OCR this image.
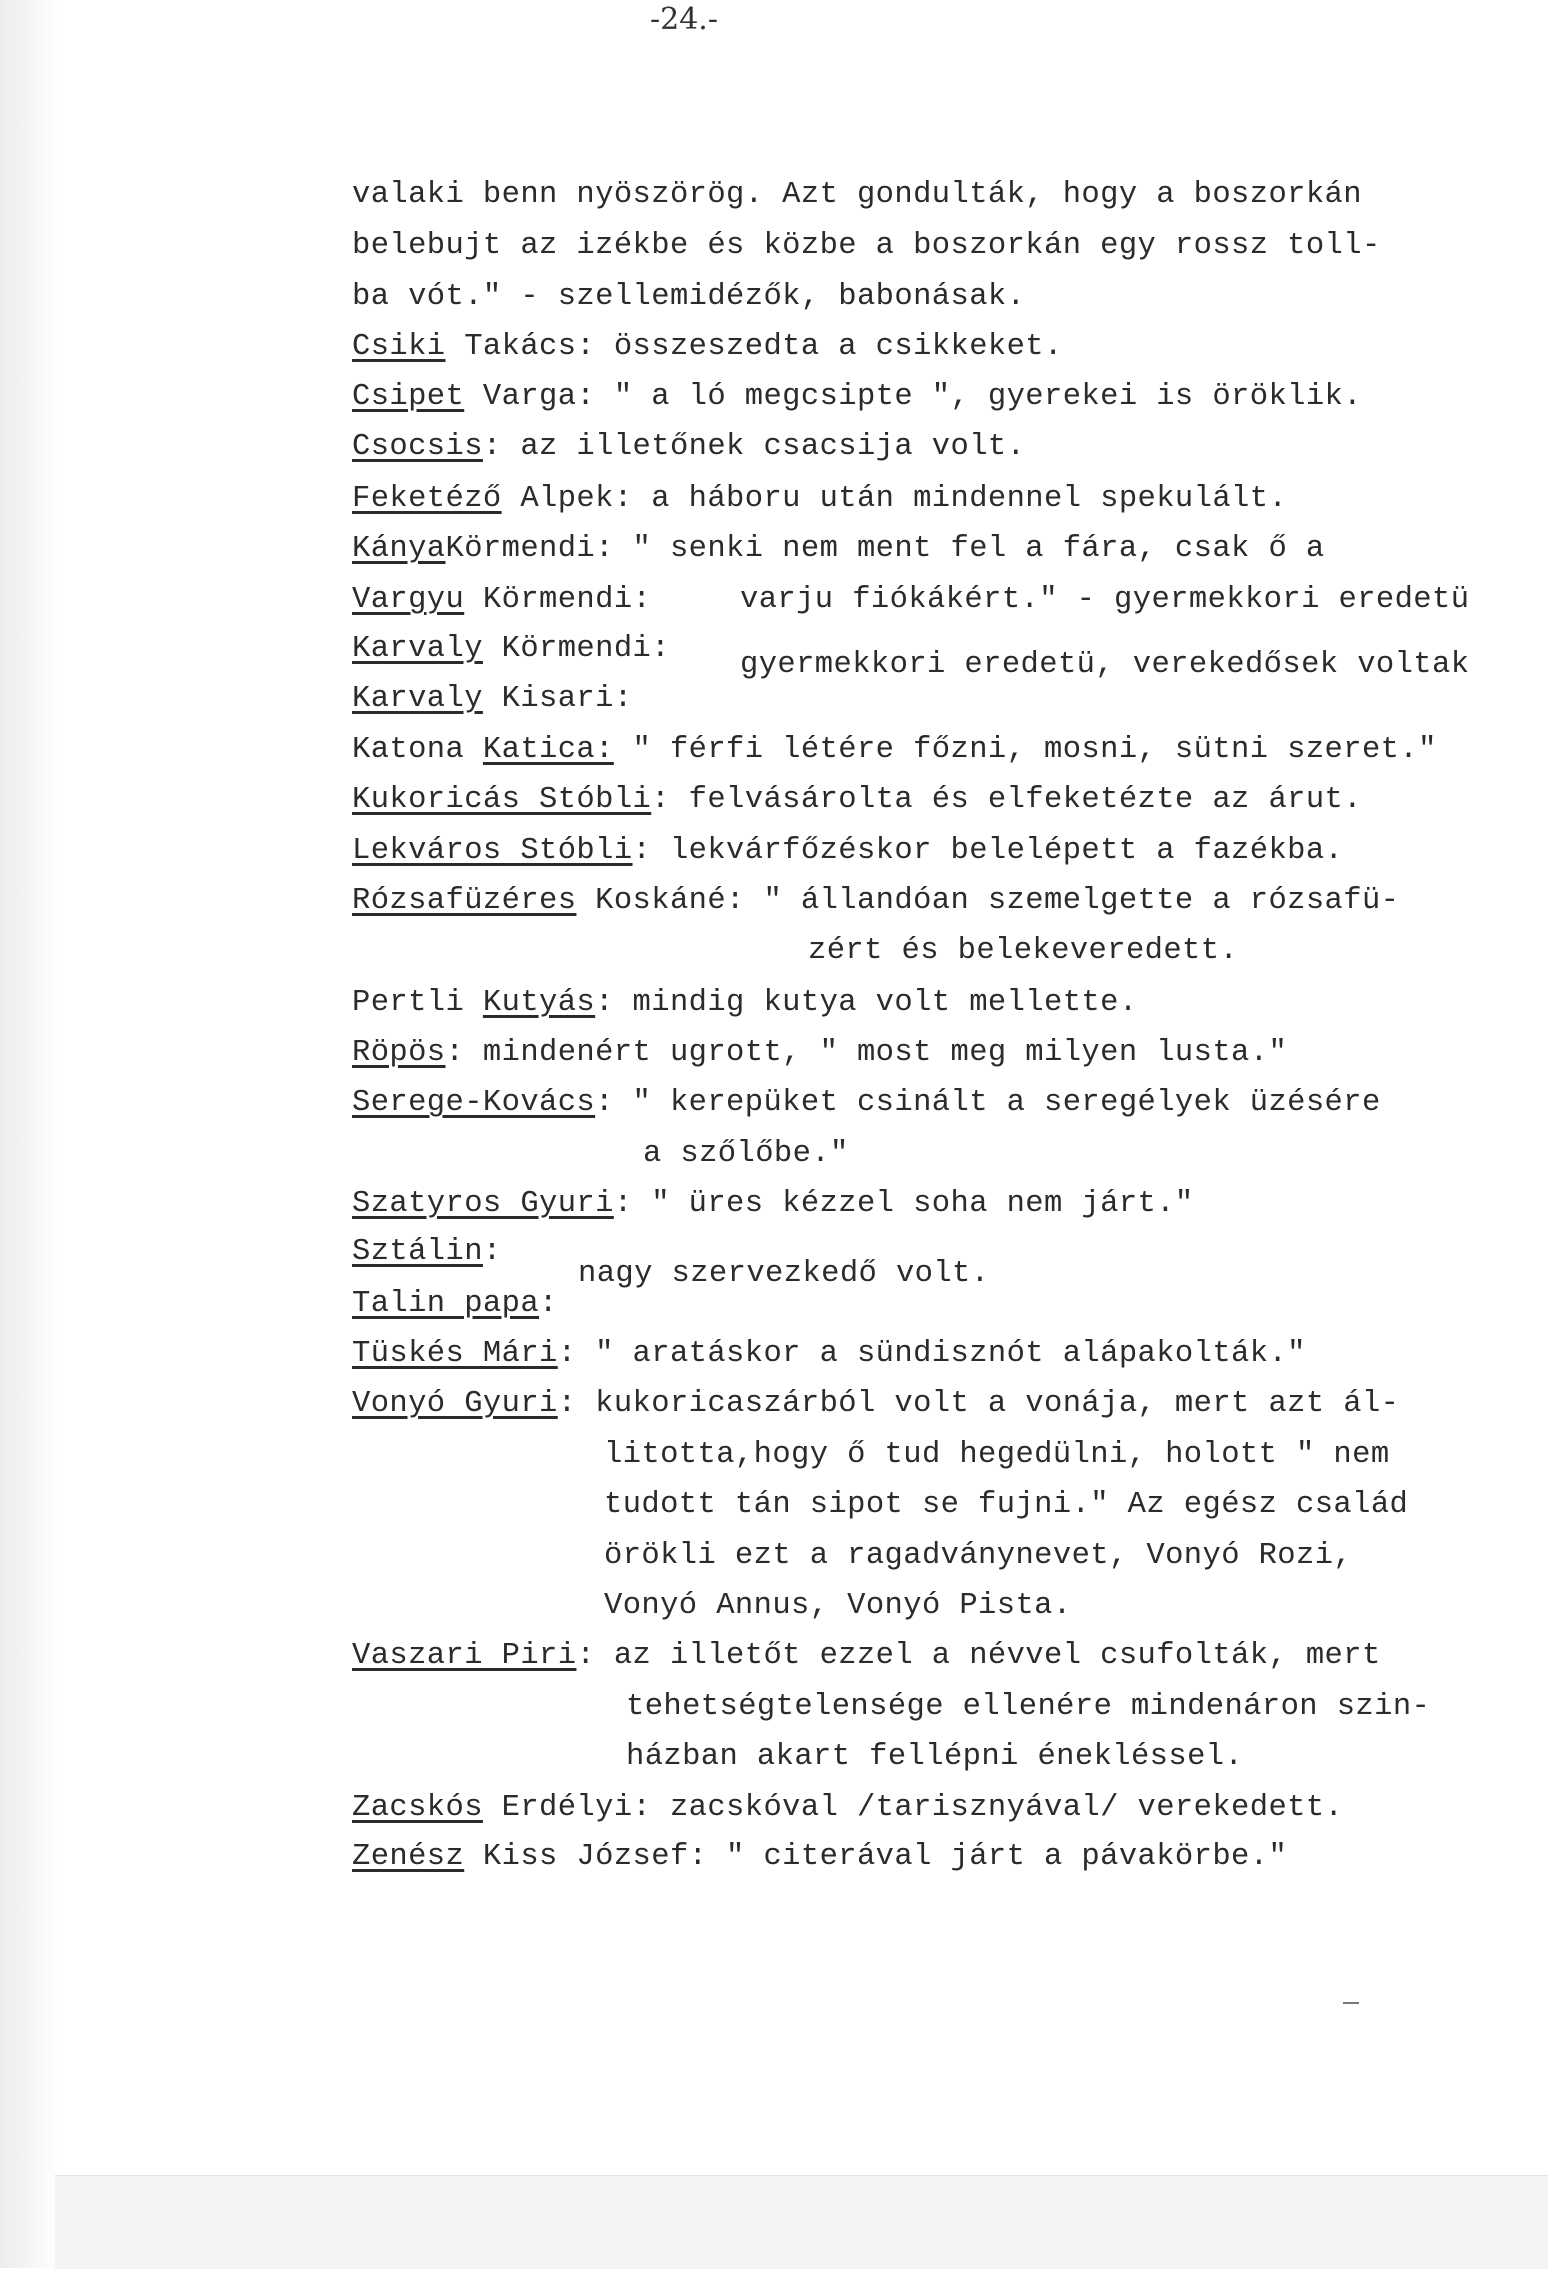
-24.-
valaki benn nyöszörög. Azt gondulták, hogy a boszorkán
belebujt az izékbe és közbe a boszorkán egy rossz toll-
ba vót." - szellemidézők, babonásak.
Csiki Takács: összeszedta a csikkeket.
Csipet Varga: " a ló megcsipte ", gyerekei is öröklik.
Csocsis: az illetőnek csacsija volt.
Feketéző Alpek: a háboru után mindennel spekulált.
KányaKörmendi: " senki nem ment fel a fára, csak ő a
Vargyu Körmendi:	varju fiókákért." - gyermekkori eredetü
Karvaly Körmendi: gyermekkori eredetü, verekedősek voltak
Karvaly Kisari:
Katona Katica: " férfi létére főzni, mosni, sütni szeret."
Kukoricás Stóbli: felvásárolta és elfeketézte az árut.
Lekváros Stóbli: lekvárfőzéskor belelépett a fazékba.
Rózsafüzéres Koskáné: " állandóan szemelgette a rózsafü-
zért és belekeveredett.
Pertli Kutyás: mindig kutya volt mellette.
Röpös: mindenért ugrott, " most meg milyen lusta."
Serege-Kovács: " kerepüket csinált a seregélyek üzésére
a szőlőbe."
Szatyros Gyuri: " üres kézzel soha nem járt."
Sztálin:
nagy szervezkedő volt.
Talin papa:
Tüskés Mári: " aratáskor a sündisznót alápakolták."
Vonyó Gyuri: kukoricaszárból volt a vonája, mert azt ál-
litotta,hogy ő tud hegedülni, holott " nem
tudott tán sipot se fujni." Az egész család
örökli ezt a ragadványnevet, Vonyó Rozi,
Vonyó Annus, Vonyó Pista.
Vaszari Piri: az illetőt ezzel a névvel csufolták, mert
tehetségtelensége ellenére mindenáron szin-
házban akart fellépni énekléssel.
Zacskós Erdélyi: zacskóval /tarisznyával/ verekedett.
Zenész Kiss József: " citerával járt a pávakörbe."
